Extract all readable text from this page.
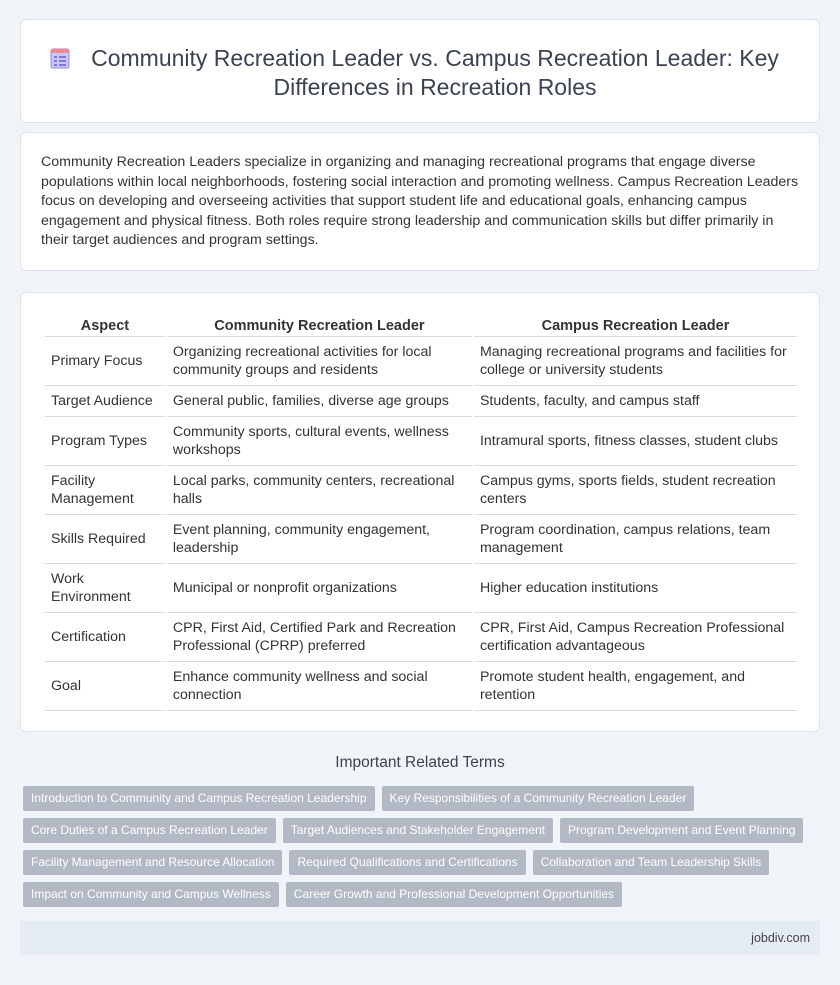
Community Recreation Leader vs. Campus Recreation Leader: Key Differences in Recreation Roles

Community Recreation Leaders specialize in organizing and managing recreational programs that engage diverse populations within local neighborhoods, fostering social interaction and promoting wellness. Campus Recreation Leaders focus on developing and overseeing activities that support student life and educational goals, enhancing campus engagement and physical fitness. Both roles require strong leadership and communication skills but differ primarily in their target audiences and program settings.

Aspect	Community Recreation Leader	Campus Recreation Leader
Primary Focus	Organizing recreational activities for local community groups and residents	Managing recreational programs and facilities for college or university students
Target Audience	General public, families, diverse age groups	Students, faculty, and campus staff
Program Types	Community sports, cultural events, wellness workshops	Intramural sports, fitness classes, student clubs
Facility Management	Local parks, community centers, recreational halls	Campus gyms, sports fields, student recreation centers
Skills Required	Event planning, community engagement, leadership	Program coordination, campus relations, team management
Work Environment	Municipal or nonprofit organizations	Higher education institutions
Certification	CPR, First Aid, Certified Park and Recreation Professional (CPRP) preferred	CPR, First Aid, Campus Recreation Professional certification advantageous
Goal	Enhance community wellness and social connection	Promote student health, engagement, and retention
Important Related Terms
Introduction to Community and Campus Recreation Leadership	Key Responsibilities of a Community Recreation Leader
Core Duties of a Campus Recreation Leader	Target Audiences and Stakeholder Engagement	Program Development and Event Planning
Facility Management and Resource Allocation	Required Qualifications and Certifications	Collaboration and Team Leadership Skills
Impact on Community and Campus Wellness	Career Growth and Professional Development Opportunities
jobdiv.com
